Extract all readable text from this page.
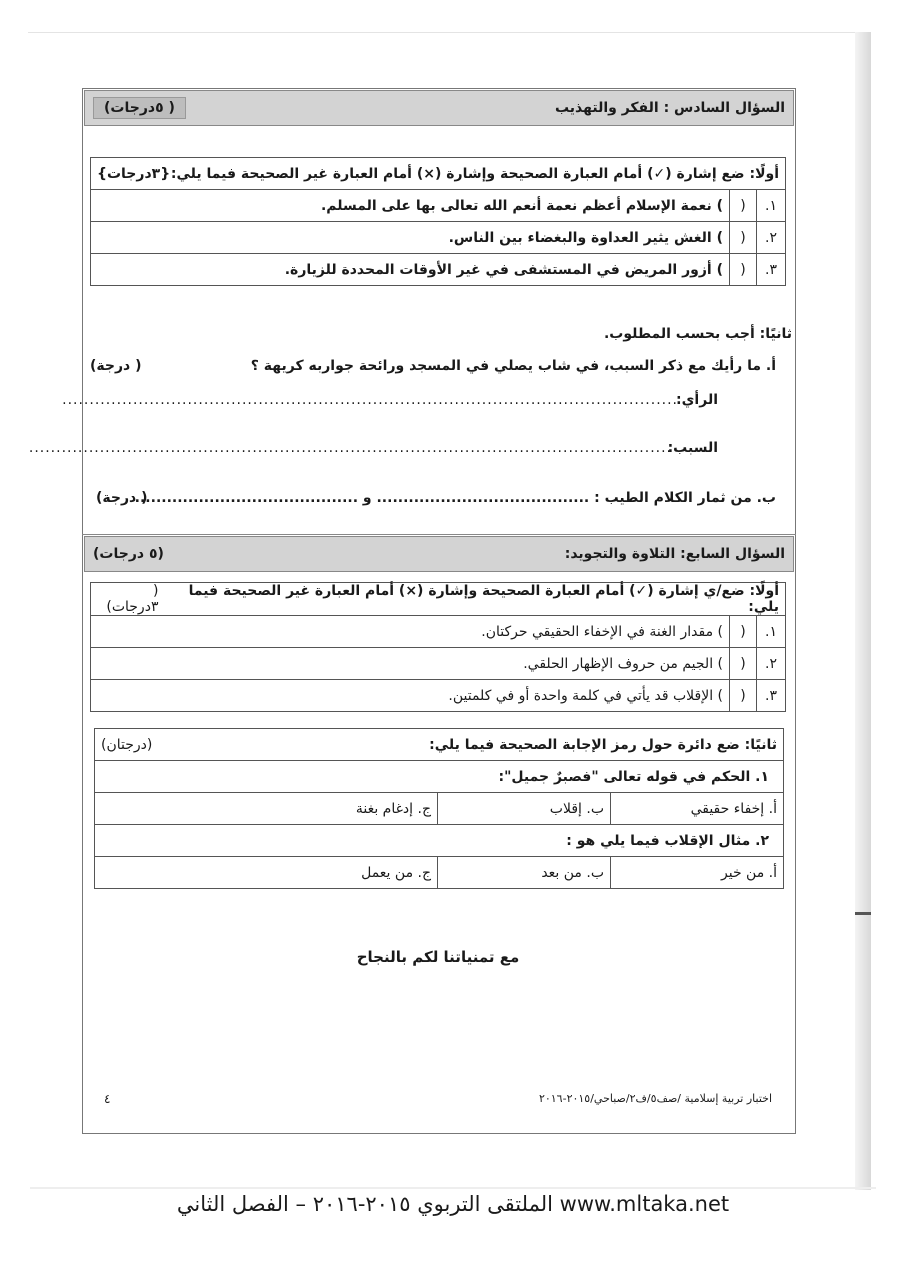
السؤال السادس : الفكر والتهذيب
( ٥درجات)
أولًا: ضع إشارة (✓) أمام العبارة الصحيحة وإشارة (×) أمام العبارة غير الصحيحة فيما يلي:
{٣درجات}		

١.	(	) نعمة الإسلام أعظم نعمة أنعم الله تعالى بها على المسلم.
٢.	(	) الغش يثير العداوة والبغضاء بين الناس.
٣.	(	) أزور المريض في المستشفى في غير الأوقات المحددة للزيارة.
ثانيًا: أجب بحسب المطلوب.
أ. ما رأيك مع ذكر السبب، في شاب يصلي في المسجد ورائحة جواربه كريهة ؟
( درجة)
الرأي:
.................................................................................................................
السبب:
......................................................................................................................
ب. من ثمار الكلام الطيب : ........................................ و ..........................................
( درجة)
السؤال السابع: التلاوة والتجويد:
(٥ درجات)
أولًا: ضع/ي إشارة (✓) أمام العبارة الصحيحة وإشارة (×) أمام العبارة غير الصحيحة فيما يلي:
( ٣درجات)		

١.	(	) مقدار الغنة في الإخفاء الحقيقي حركتان.
٢.	(	) الجيم من حروف الإظهار الحلقي.
٣.	(	) الإقلاب قد يأتي في كلمة واحدة أو في كلمتين.
ثانيًا: ضع دائرة حول رمز الإجابة الصحيحة فيما يلي:
(درجتان)		

١. الحكم في قوله تعالى "فصبرٌ جميل":		
أ. إخفاء حقيقي	ب. إقلاب	ج. إدغام بغنة
٢. مثال الإقلاب فيما يلي هو :		
أ. من خير	ب. من بعد	ج. من يعمل
مع تمنياتنا لكم بالنجاح
اختبار تربية إسلامية /صف٥/ف٢/صباحي/٢٠١٥-٢٠١٦
٤
الملتقى التربوي ٢٠١٥-٢٠١٦ – الفصل الثاني www.mltaka.net
